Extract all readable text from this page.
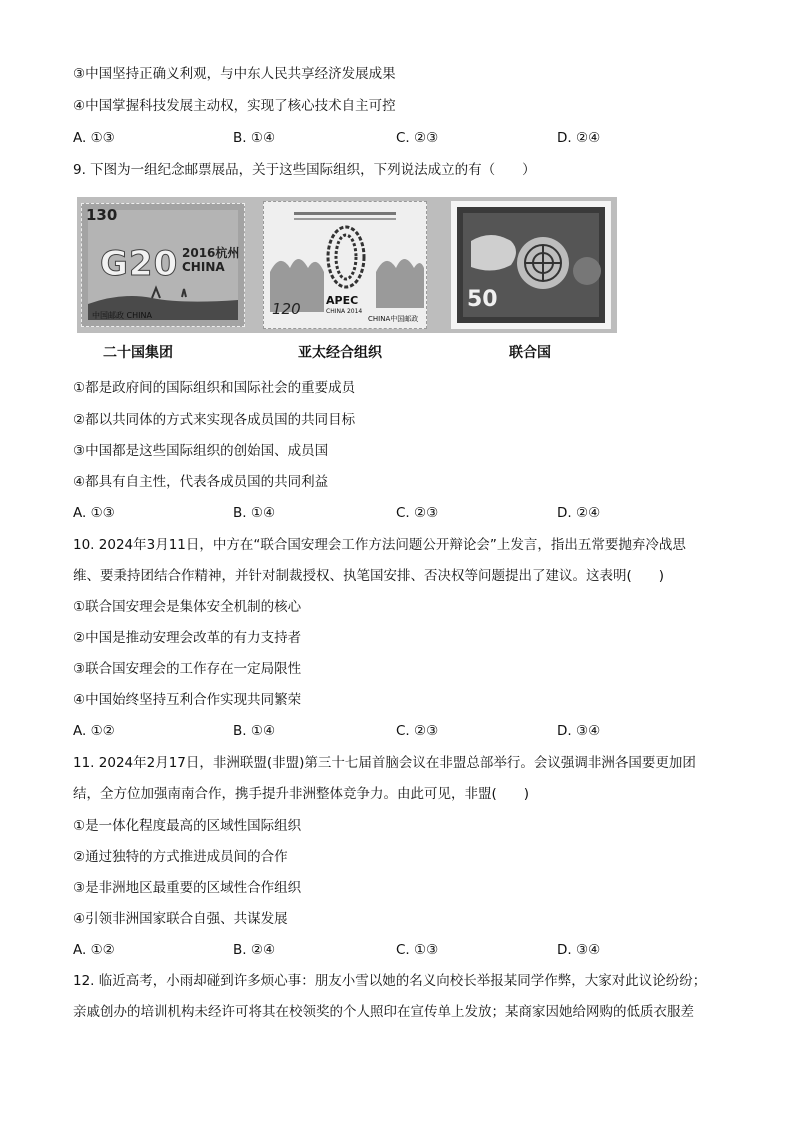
③中国坚持正确义利观，与中东人民共享经济发展成果
④中国掌握科技发展主动权，实现了核心技术自主可控
A. ①③	B. ①④	C. ②③	D. ②④
9. 下图为一组纪念邮票展品，关于这些国际组织，下列说法成立的有（　　）
130
G20 2016杭州
CHINA
中国邮政 CHINA	120 APEC
CHINA 2014
CHINA中国邮政
50
二十国集团	亚太经合组织	联合国
①都是政府间的国际组织和国际社会的重要成员
②都以共同体的方式来实现各成员国的共同目标
③中国都是这些国际组织的创始国、成员国
④都具有自主性，代表各成员国的共同利益
A. ①③	B. ①④	C. ②③	D. ②④
10. 2024年3月11日，中方在“联合国安理会工作方法问题公开辩论会”上发言，指出五常要抛弃冷战思
维、要秉持团结合作精神，并针对制裁授权、执笔国安排、否决权等问题提出了建议。这表明(　　)
①联合国安理会是集体安全机制的核心
②中国是推动安理会改革的有力支持者
③联合国安理会的工作存在一定局限性
④中国始终坚持互利合作实现共同繁荣
A. ①②	B. ①④	C. ②③	D. ③④
11. 2024年2月17日，非洲联盟(非盟)第三十七届首脑会议在非盟总部举行。会议强调非洲各国要更加团
结，全方位加强南南合作，携手提升非洲整体竞争力。由此可见，非盟(　　)
①是一体化程度最高的区域性国际组织
②通过独特的方式推进成员间的合作
③是非洲地区最重要的区域性合作组织
④引领非洲国家联合自强、共谋发展
A. ①②	B. ②④	C. ①③	D. ③④
12. 临近高考，小雨却碰到许多烦心事：朋友小雪以她的名义向校长举报某同学作弊，大家对此议论纷纷；
亲戚创办的培训机构未经许可将其在校领奖的个人照印在宣传单上发放；某商家因她给网购的低质衣服差
